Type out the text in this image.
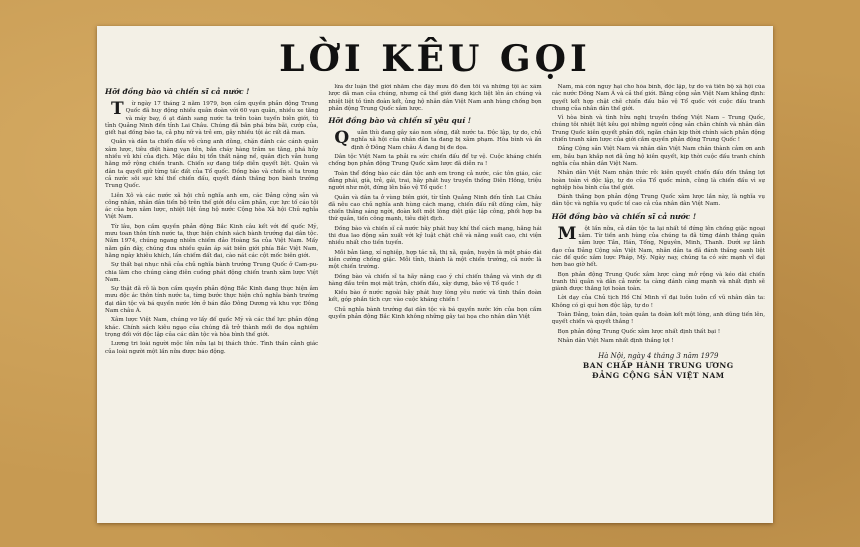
LỜI KÊU GỌI
Hỡi đồng bào và chiến sĩ cả nước !

Từ ngày 17 tháng 2 năm 1979, bọn cầm quyền phản động Trung Quốc đã huy động nhiều quân đoàn với 60 vạn quân, nhiều xe tăng và máy bay, ồ ạt đánh sang nước ta trên toàn tuyến biên giới, từ tỉnh Quảng Ninh đến tỉnh Lai Châu. Chúng đã bắn phá bừa bãi, cướp của, giết hại đồng bào ta, cả phụ nữ và trẻ em, gây nhiều tội ác rất dã man.

Quân và dân ta chiến đấu vô cùng anh dũng, chặn đánh các cánh quân xâm lược, tiêu diệt hàng vạn tên, bắn cháy hàng trăm xe tăng, phá hủy nhiều vũ khí của địch. Mặc dầu bị tổn thất nặng nề, quân địch vẫn hung hăng mở rộng chiến tranh. Chiến sự đang tiếp diễn quyết liệt. Quân và dân ta quyết giữ từng tấc đất của Tổ quốc. Đồng bào và chiến sĩ ta trong cả nước sôi sục khí thế chiến đấu, quyết đánh thắng bọn bành trướng Trung Quốc.

Liên Xô và các nước xã hội chủ nghĩa anh em, các Đảng cộng sản và công nhân, nhân dân tiến bộ trên thế giới đều căm phẫn, cực lực tố cáo tội ác của bọn xâm lược, nhiệt liệt ủng hộ nước Cộng hòa Xã hội Chủ nghĩa Việt Nam.

Từ lâu, bọn cầm quyền phản động Bắc Kinh câu kết với đế quốc Mỹ, mưu toan thôn tính nước ta, thực hiện chính sách bành trướng đại dân tộc. Năm 1974, chúng ngang nhiên chiếm đảo Hoàng Sa của Việt Nam. Mấy năm gần đây, chúng đưa nhiều quân áp sát biên giới phía Bắc Việt Nam, hằng ngày khiêu khích, lấn chiếm đất đai, cào nát các cột mốc biên giới.

Sự thất bại nhục nhã của chủ nghĩa bành trướng Trung Quốc ở Cam-pu-chia làm cho chúng càng điên cuồng phát động chiến tranh xâm lược Việt Nam.

Sự thật đã rõ là bọn cầm quyền phản động Bắc Kinh đang thực hiện âm mưu độc ác thôn tính nước ta, từng bước thực hiện chủ nghĩa bành trướng đại dân tộc và bá quyền nước lớn ở bán đảo Đông Dương và khu vực Đông Nam châu Á.

Xâm lược Việt Nam, chúng vơ lấy đế quốc Mỹ và các thế lực phản động khác. Chính sách kiêu ngạo của chúng đã trở thành mối đe dọa nghiêm trọng đối với độc lập của các dân tộc và hòa bình thế giới.

Lương tri loài người mộc lên nửa lại bị thách thức. Tình thần cảnh giác của loài người một lần nữa được báo động.

lừa dư luận thế giới nhằm che đậy mưu đồ đen tối và những tội ác xâm lược dã man của chúng, nhưng cả thế giới đang kịch liệt lên án chúng và nhiệt liệt tỏ tình đoàn kết, ủng hộ nhân dân Việt Nam anh hùng chống bọn phản động Trung Quốc xâm lược.

Hỡi đồng bào và chiến sĩ yêu quí !

Quân thù đang gây xáo non sông, đất nước ta. Độc lập, tự do, chủ nghĩa xã hội của nhân dân ta đang bị xâm phạm. Hòa bình và ấn định ở Đông Nam châu Á đang bị đe dọa.

Dân tộc Việt Nam ta phải ra sức chiến đấu để tự vệ. Cuộc kháng chiến chống bọn phản động Trung Quốc xâm lược đã diễn ra !

Toàn thể đồng bào các dân tộc anh em trong cả nước, các tôn giáo, các đảng phái, già, trẻ, gái, trai, hãy phát huy truyền thống Diên Hồng, triệu người như một, đứng lên bảo vệ Tổ quốc !

Quân và dân ta ở vùng biên giới, từ tỉnh Quảng Ninh đến tỉnh Lai Châu đã nêu cao chủ nghĩa anh hùng cách mạng, chiến đấu rất dũng cảm, hãy chiến thắng sáng ngời, đoàn kết một lòng diệt giặc lập công, phối hợp ba thứ quân, tiến công mạnh, tiêu diệt địch.

Đồng bào và chiến sĩ cả nước hãy phát huy khí thế cách mạng, hăng hái thi đua lao động sản xuất với kỷ luật chặt chẽ và năng suất cao, chi viện nhiều nhất cho tiền tuyến.

Mỗi bản làng, xí nghiệp, hợp tác xã, thị xã, quận, huyện là một pháo đài kiên cường chống giặc. Mỗi tỉnh, thành là một chiến trường, cả nước là một chiến trường.

Đồng bào và chiến sĩ ta hãy nâng cao ý chí chiến thắng và vinh dự đi hàng đầu trên mọi mặt trận, chiến đấu, xây dựng, bảo vệ Tổ quốc !

Kiều bào ở nước ngoài hãy phát huy lòng yêu nước và tình thần đoàn kết, góp phần tích cực vào cuộc kháng chiến !

Chủ nghĩa bành trướng đại dân tộc và bá quyền nước lớn của bọn cầm quyền phản động Bắc Kinh không những gây tai họa cho nhân dân Việt

Nam, mà còn nguy hại cho hòa bình, độc lập, tự do và tiến bộ xã hội của các nước Đông Nam Á và cả thế giới. Bằng cộng sản Việt Nam khẳng định: quyết kết hợp chặt chẽ chiến đấu bảo vệ Tổ quốc với cuộc đấu tranh chung của nhân dân thế giới.

Vì hòa bình và tình hữu nghị truyền thống Việt Nam – Trung Quốc, chúng tôi nhiệt liệt kêu gọi những người cộng sản chân chính và nhân dân Trung Quốc kiên quyết phản đối, ngăn chặn kịp thời chính sách phản động chiến tranh xâm lược của giới cầm quyền phản động Trung Quốc !

Đảng Cộng sản Việt Nam và nhân dân Việt Nam chân thành cảm ơn anh em, bầu bạn khắp nơi đã ủng hộ kiên quyết, kịp thời cuộc đấu tranh chính nghĩa của nhân dân Việt Nam.

Nhân dân Việt Nam nhận thức rõ: kiên quyết chiến đấu đến thắng lợi hoàn toàn vì độc lập, tự do của Tổ quốc mình, cũng là chiến đấu vì sự nghiệp hòa bình của thế giới.

Đánh thắng bọn phản động Trung Quốc xâm lược lần này, là nghĩa vụ dân tộc và nghĩa vụ quốc tế cao cả của nhân dân Việt Nam.

Hỡi đồng bào và chiến sĩ cả nước !

Một lần nữa, cả dân tộc ta lại nhất tề đứng lên chống giặc ngoại xâm. Từ tiền anh hùng của chúng ta đã từng đánh thắng quân xâm lược Tần, Hán, Tống, Nguyên, Minh, Thanh. Dưới sự lãnh đạo của Đảng Cộng sản Việt Nam, nhân dân ta đã đánh thắng oanh liệt các đế quốc xâm lược Pháp, Mỹ. Ngày nay, chúng ta có sức mạnh vĩ đại hơn bao giờ hết.

Bọn phản động Trung Quốc xâm lược càng mở rộng và kéo dài chiến tranh thì quân và dân cả nước ta càng đánh càng mạnh và nhất định sẽ giành được thắng lợi hoàn toàn.

Lời dạy của Chủ tịch Hồ Chí Minh vĩ đại luôn luôn cổ vũ nhân dân ta: Không có gì quí hơn độc lập, tự do !

Toàn Đảng, toàn dân, toàn quân ta đoàn kết một lòng, anh dũng tiến lên, quyết chiến và quyết thắng !

Bọn phản động Trung Quốc xâm lược nhất định thất bại !

Nhân dân Việt Nam nhất định thắng lợi !

Hà Nội, ngày 4 tháng 3 năm 1979
BAN CHẤP HÀNH TRUNG ƯƠNG
ĐẢNG CỘNG SẢN VIỆT NAM
